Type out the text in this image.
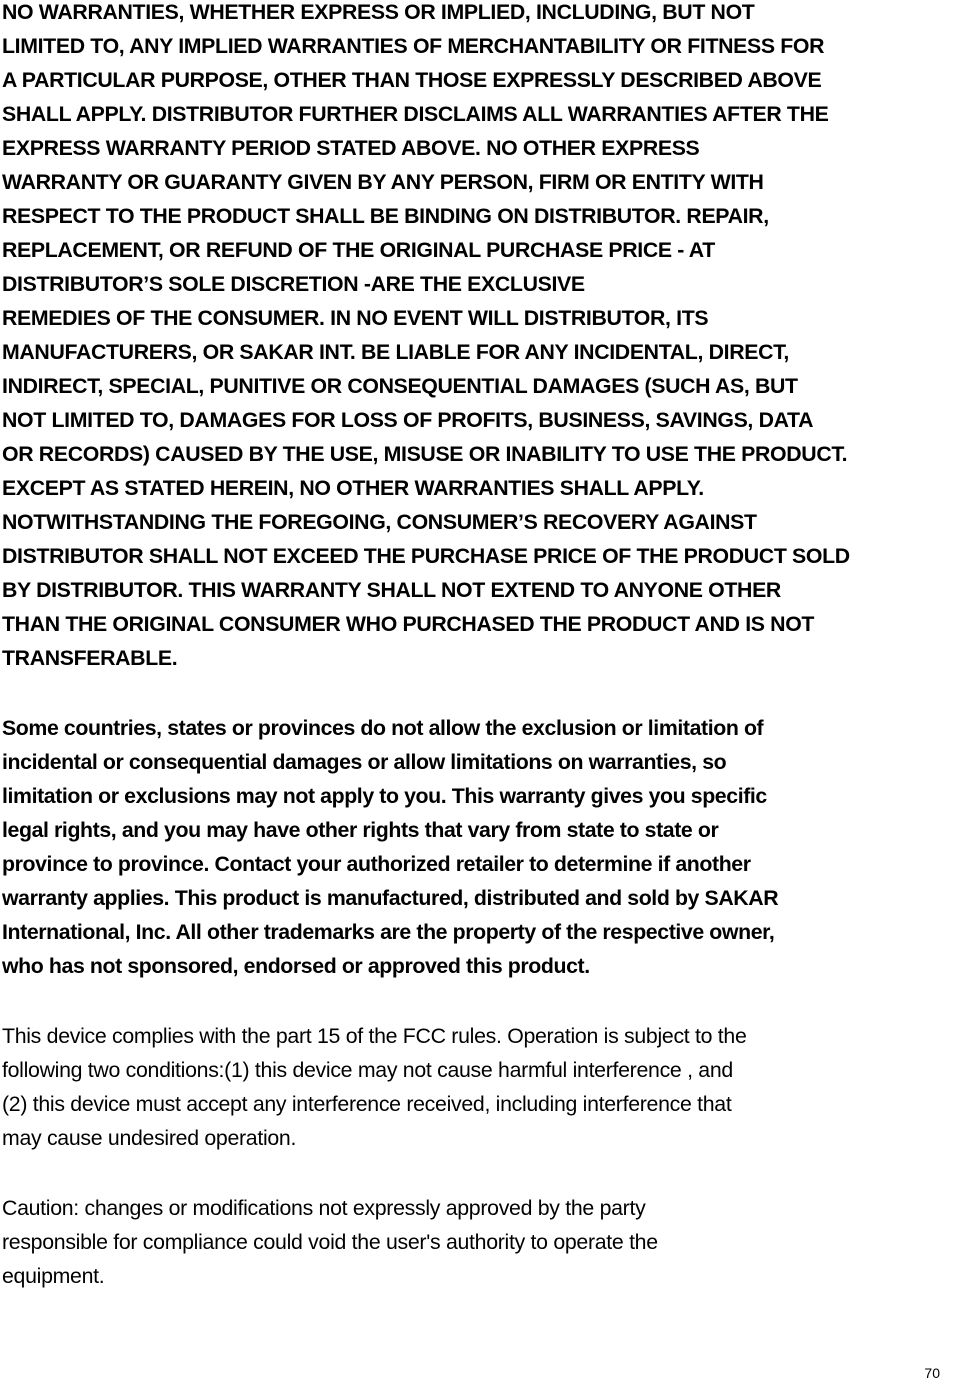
NO WARRANTIES, WHETHER EXPRESS OR IMPLIED, INCLUDING, BUT NOT

LIMITED TO, ANY IMPLIED WARRANTIES OF MERCHANTABILITY OR FITNESS FOR

A PARTICULAR PURPOSE, OTHER THAN THOSE EXPRESSLY DESCRIBED ABOVE

SHALL APPLY. DISTRIBUTOR FURTHER DISCLAIMS ALL WARRANTIES AFTER THE

EXPRESS WARRANTY PERIOD STATED ABOVE. NO OTHER EXPRESS

WARRANTY OR GUARANTY GIVEN BY ANY PERSON, FIRM OR ENTITY WITH

RESPECT TO THE PRODUCT SHALL BE BINDING ON DISTRIBUTOR. REPAIR,

REPLACEMENT, OR REFUND OF THE ORIGINAL PURCHASE PRICE - AT

DISTRIBUTOR’S SOLE DISCRETION -ARE THE EXCLUSIVE

REMEDIES OF THE CONSUMER. IN NO EVENT WILL DISTRIBUTOR, ITS

MANUFACTURERS, OR SAKAR INT. BE LIABLE FOR ANY INCIDENTAL, DIRECT,

INDIRECT, SPECIAL, PUNITIVE OR CONSEQUENTIAL DAMAGES (SUCH AS, BUT

NOT LIMITED TO, DAMAGES FOR LOSS OF PROFITS, BUSINESS, SAVINGS, DATA

OR RECORDS) CAUSED BY THE USE, MISUSE OR INABILITY TO USE THE PRODUCT.

EXCEPT AS STATED HEREIN, NO OTHER WARRANTIES SHALL APPLY.

NOTWITHSTANDING THE FOREGOING, CONSUMER’S RECOVERY AGAINST

DISTRIBUTOR SHALL NOT EXCEED THE PURCHASE PRICE OF THE PRODUCT SOLD

BY DISTRIBUTOR. THIS WARRANTY SHALL NOT EXTEND TO ANYONE OTHER

THAN THE ORIGINAL CONSUMER WHO PURCHASED THE PRODUCT AND IS NOT

TRANSFERABLE.

Some countries, states or provinces do not allow the exclusion or limitation of

incidental or consequential damages or allow limitations on warranties, so

limitation or exclusions may not apply to you. This warranty gives you specific

legal rights, and you may have other rights that vary from state to state or

province to province. Contact your authorized retailer to determine if another

warranty applies. This product is manufactured, distributed and sold by SAKAR

International, Inc. All other trademarks are the property of the respective owner,

who has not sponsored, endorsed or approved this product.

This device complies with the part 15 of the FCC rules. Operation is subject to the

following two conditions:(1) this device may not cause harmful interference , and

(2) this device must accept any interference received, including interference that

may cause undesired operation.

Caution: changes or modifications not expressly approved by the party

responsible for compliance could void the user's authority to operate the

equipment.

70
